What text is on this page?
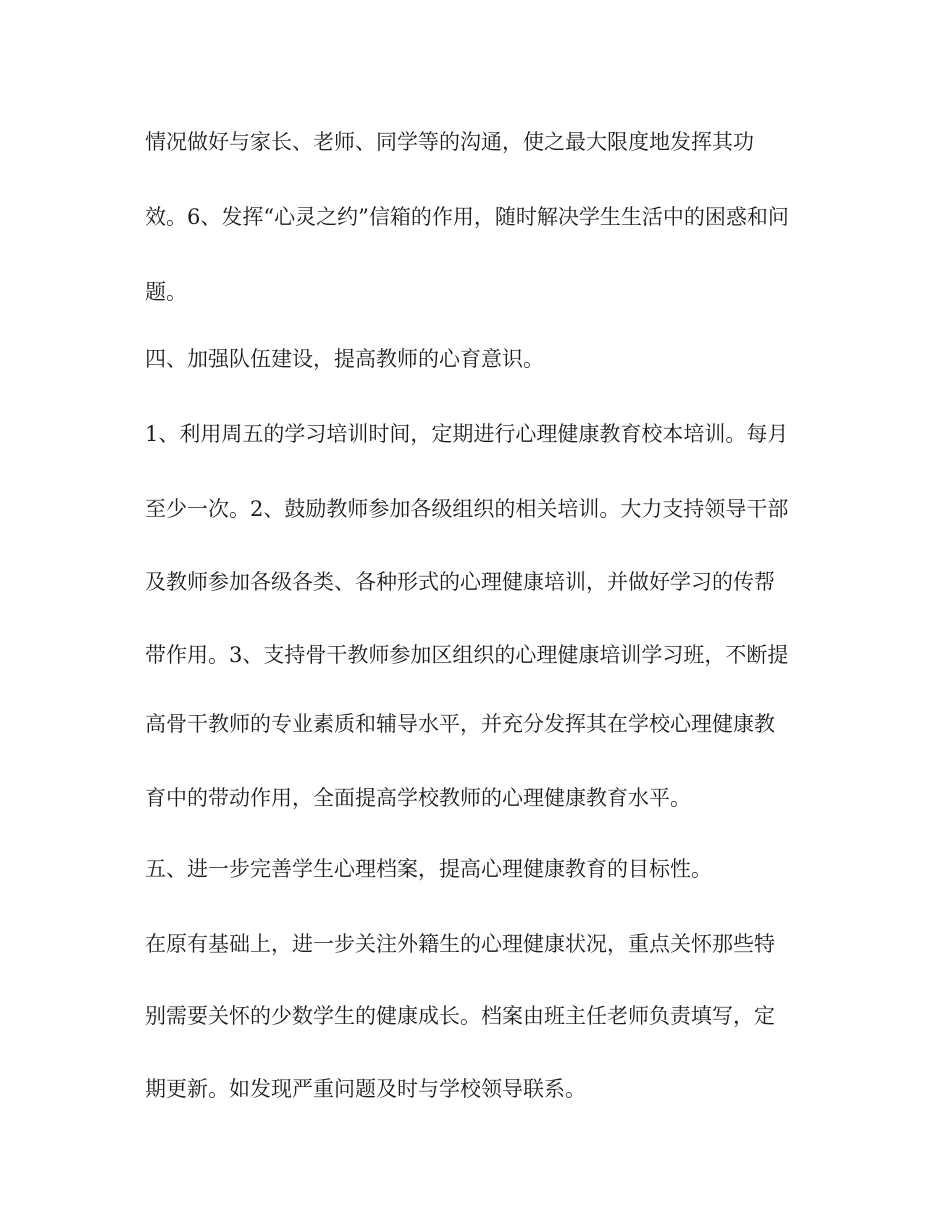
情况做好与家长、老师、同学等的沟通，使之最大限度地发挥其功
效。6、发挥“心灵之约”信箱的作用，随时解决学生生活中的困惑和问
题。
四、加强队伍建设，提高教师的心育意识。
1、利用周五的学习培训时间，定期进行心理健康教育校本培训。每月
至少一次。2、鼓励教师参加各级组织的相关培训。大力支持领导干部
及教师参加各级各类、各种形式的心理健康培训，并做好学习的传帮
带作用。3、支持骨干教师参加区组织的心理健康培训学习班，不断提
高骨干教师的专业素质和辅导水平，并充分发挥其在学校心理健康教
育中的带动作用，全面提高学校教师的心理健康教育水平。
五、进一步完善学生心理档案，提高心理健康教育的目标性。
在原有基础上，进一步关注外籍生的心理健康状况，重点关怀那些特
别需要关怀的少数学生的健康成长。档案由班主任老师负责填写，定
期更新。如发现严重问题及时与学校领导联系。
